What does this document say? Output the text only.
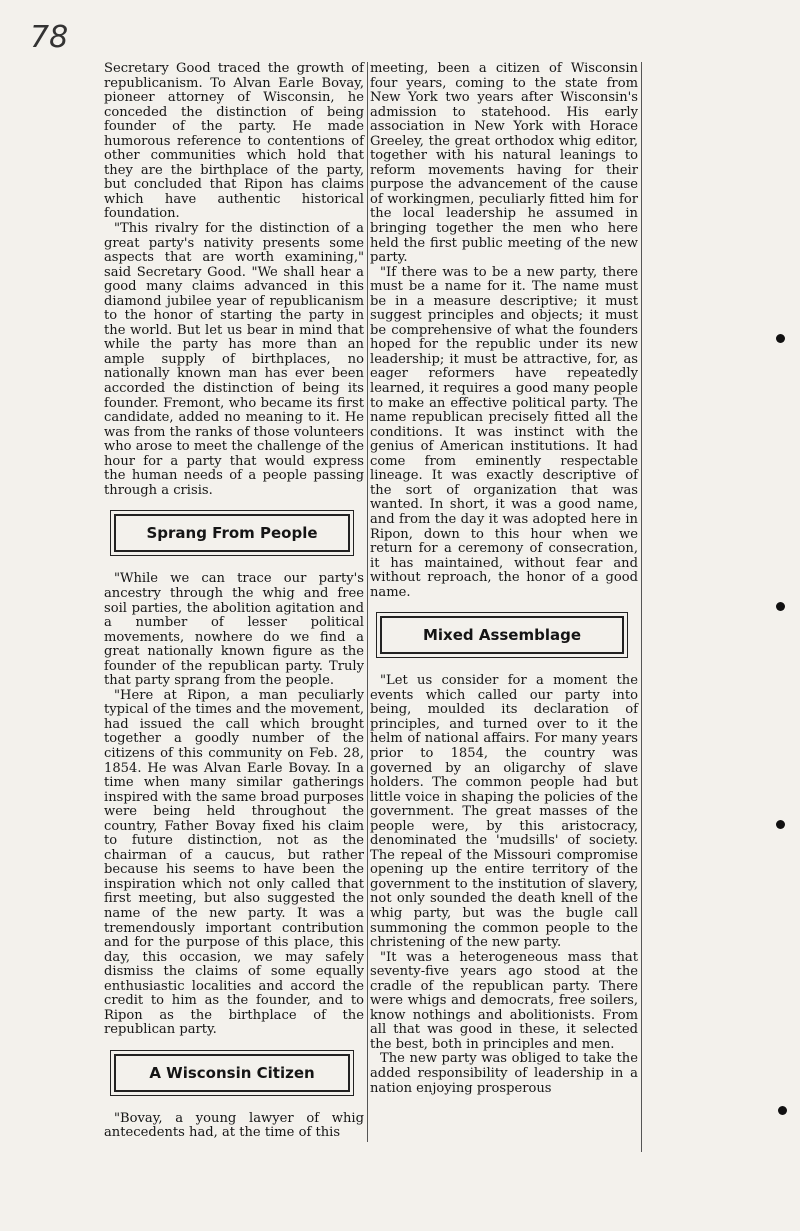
78

Secretary Good traced the growth of republicanism. To Alvan Earle Bovay, pioneer attorney of Wisconsin, he conceded the distinction of being founder of the party. He made humorous reference to contentions of other communities which hold that they are the birthplace of the party, but concluded that Ripon has claims which have authentic historical foundation.

"This rivalry for the distinction of a great party's nativity presents some aspects that are worth examining," said Secretary Good. "We shall hear a good many claims advanced in this diamond jubilee year of republicanism to the honor of starting the party in the world. But let us bear in mind that while the party has more than an ample supply of birthplaces, no nationally known man has ever been accorded the distinction of being its founder. Fremont, who became its first candidate, added no meaning to it. He was from the ranks of those volunteers who arose to meet the challenge of the hour for a party that would express the human needs of a people passing through a crisis.

Sprang From People

"While we can trace our party's ancestry through the whig and free soil parties, the abolition agitation and a number of lesser political movements, nowhere do we find a great nationally known figure as the founder of the republican party. Truly that party sprang from the people.

"Here at Ripon, a man peculiarly typical of the times and the movement, had issued the call which brought together a goodly number of the citizens of this community on Feb. 28, 1854. He was Alvan Earle Bovay. In a time when many similar gatherings inspired with the same broad purposes were being held throughout the country, Father Bovay fixed his claim to future distinction, not as the chairman of a caucus, but rather because his seems to have been the inspiration which not only called that first meeting, but also suggested the name of the new party. It was a tremendously important contribution and for the purpose of this place, this day, this occasion, we may safely dismiss the claims of some equally enthusiastic localities and accord the credit to him as the founder, and to Ripon as the birthplace of the republican party.

A Wisconsin Citizen

"Bovay, a young lawyer of whig antecedents had, at the time of this

meeting, been a citizen of Wisconsin four years, coming to the state from New York two years after Wisconsin's admission to statehood. His early association in New York with Horace Greeley, the great orthodox whig editor, together with his natural leanings to reform movements having for their purpose the advancement of the cause of workingmen, peculiarly fitted him for the local leadership he assumed in bringing together the men who here held the first public meeting of the new party.

"If there was to be a new party, there must be a name for it. The name must be in a measure descriptive; it must suggest principles and objects; it must be comprehensive of what the founders hoped for the republic under its new leadership; it must be attractive, for, as eager reformers have repeatedly learned, it requires a good many people to make an effective political party. The name republican precisely fitted all the conditions. It was instinct with the genius of American institutions. It had come from eminently respectable lineage. It was exactly descriptive of the sort of organization that was wanted. In short, it was a good name, and from the day it was adopted here in Ripon, down to this hour when we return for a ceremony of consecration, it has maintained, without fear and without reproach, the honor of a good name.

Mixed Assemblage

"Let us consider for a moment the events which called our party into being, moulded its declaration of principles, and turned over to it the helm of national affairs. For many years prior to 1854, the country was governed by an oligarchy of slave holders. The common people had but little voice in shaping the policies of the government. The great masses of the people were, by this aristocracy, denominated the 'mudsills' of society. The repeal of the Missouri compromise opening up the entire territory of the government to the institution of slavery, not only sounded the death knell of the whig party, but was the bugle call summoning the common people to the christening of the new party.

"It was a heterogeneous mass that seventy-five years ago stood at the cradle of the republican party. There were whigs and democrats, free soilers, know nothings and abolitionists. From all that was good in these, it selected the best, both in principles and men.

The new party was obliged to take the added responsibility of leadership in a nation enjoying prosperous
